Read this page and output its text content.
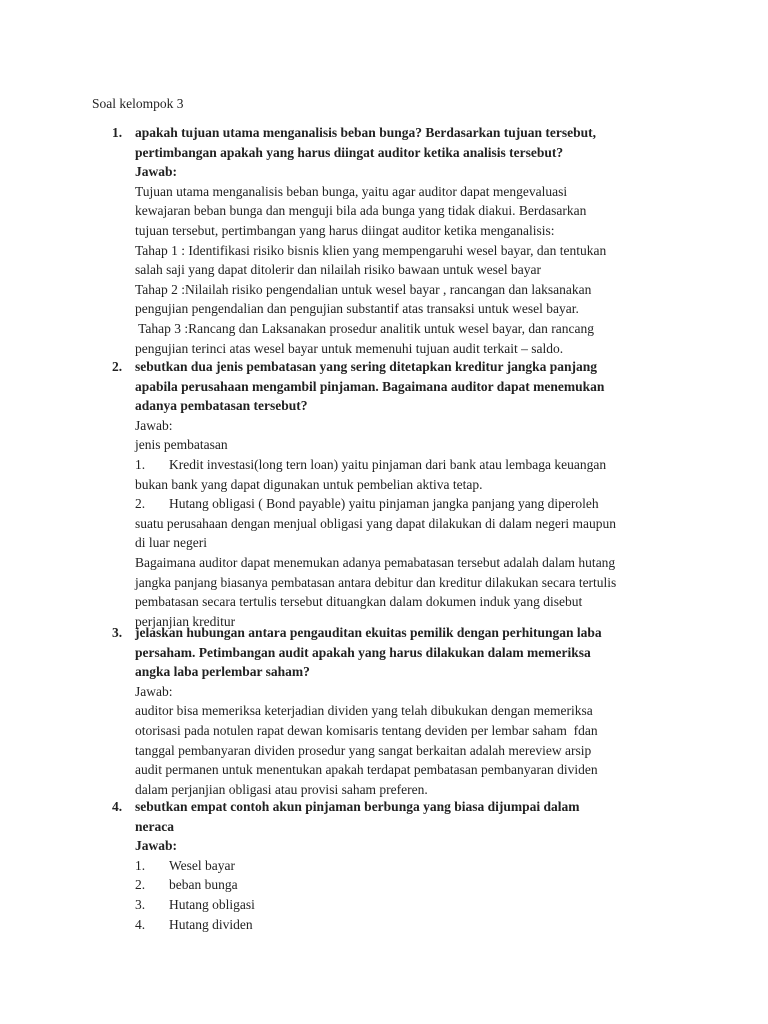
Soal kelompok 3
1. apakah tujuan utama menganalisis beban bunga? Berdasarkan tujuan tersebut,
pertimbangan apakah yang harus diingat auditor ketika analisis tersebut?
Jawab:
Tujuan utama menganalisis beban bunga, yaitu agar auditor dapat mengevaluasi
kewajaran beban bunga dan menguji bila ada bunga yang tidak diakui. Berdasarkan
tujuan tersebut, pertimbangan yang harus diingat auditor ketika menganalisis:
Tahap 1 : Identifikasi risiko bisnis klien yang mempengaruhi wesel bayar, dan tentukan
salah saji yang dapat ditolerir dan nilailah risiko bawaan untuk wesel bayar
Tahap 2 :Nilailah risiko pengendalian untuk wesel bayar , rancangan dan laksanakan
pengujian pengendalian dan pengujian substantif atas transaksi untuk wesel bayar.
Tahap 3 :Rancang dan Laksanakan prosedur analitik untuk wesel bayar, dan rancang
pengujian terinci atas wesel bayar untuk memenuhi tujuan audit terkait – saldo.
2. sebutkan dua jenis pembatasan yang sering ditetapkan kreditur jangka panjang
apabila perusahaan mengambil pinjaman. Bagaimana auditor dapat menemukan
adanya pembatasan tersebut?
Jawab:
jenis pembatasan
1. Kredit investasi(long tern loan) yaitu pinjaman dari bank atau lembaga keuangan
bukan bank yang dapat digunakan untuk pembelian aktiva tetap.
2. Hutang obligasi ( Bond payable) yaitu pinjaman jangka panjang yang diperoleh
suatu perusahaan dengan menjual obligasi yang dapat dilakukan di dalam negeri maupun
di luar negeri
Bagaimana auditor dapat menemukan adanya pemabatasan tersebut adalah dalam hutang
jangka panjang biasanya pembatasan antara debitur dan kreditur dilakukan secara tertulis
pembatasan secara tertulis tersebut dituangkan dalam dokumen induk yang disebut
perjanjian kreditur
3. jelaskan hubungan antara pengauditan ekuitas pemilik dengan perhitungan laba
persaham. Petimbangan audit apakah yang harus dilakukan dalam memeriksa
angka laba perlembar saham?
Jawab:
auditor bisa memeriksa keterjadian dividen yang telah dibukukan dengan memeriksa
otorisasi pada notulen rapat dewan komisaris tentang deviden per lembar saham  fdan
tanggal pembanyaran dividen prosedur yang sangat berkaitan adalah mereview arsip
audit permanen untuk menentukan apakah terdapat pembatasan pembanyaran dividen
dalam perjanjian obligasi atau provisi saham preferen.
4. sebutkan empat contoh akun pinjaman berbunga yang biasa dijumpai dalam
neraca
Jawab:
1. Wesel bayar
2. beban bunga
3. Hutang obligasi
4. Hutang dividen
